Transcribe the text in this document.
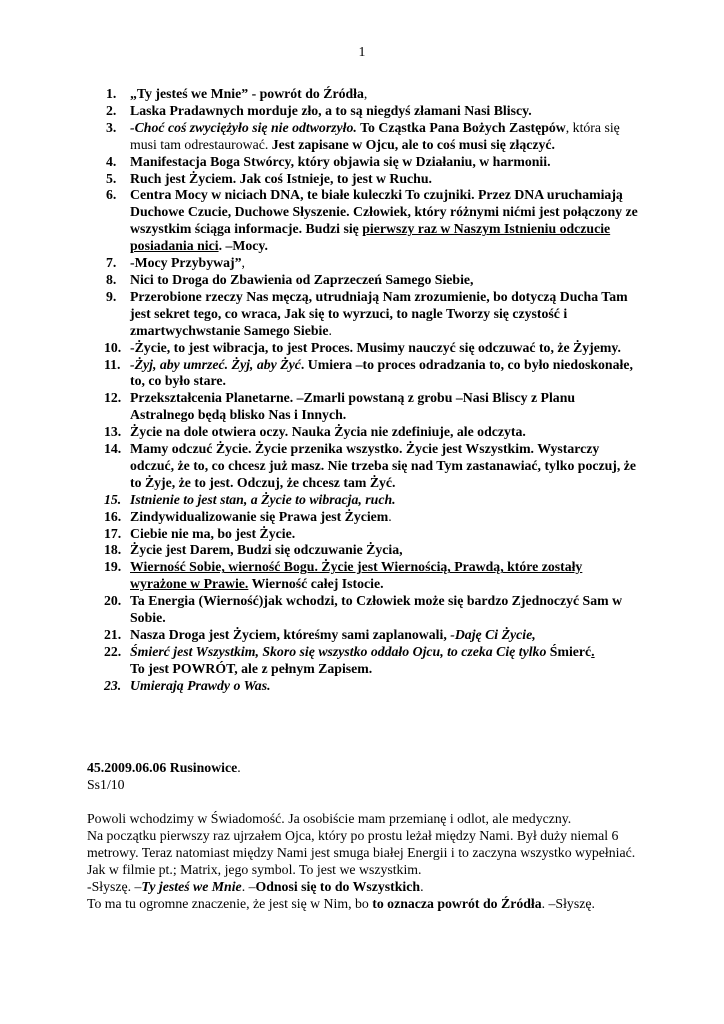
1
1. „Ty jesteś we Mnie” - powrót do Źródła,
2. Laska Pradawnych morduje zło, a to są niegdyś złamani Nasi Bliscy.
3. -Choć coś zwyciężyło się nie odtworzyło. To Cząstka Pana Bożych Zastępów, która się musi tam odrestaurować. Jest zapisane w Ojcu, ale to coś musi się złączyć.
4. Manifestacja Boga Stwórcy, który objawia się w Działaniu, w harmonii.
5. Ruch jest Życiem. Jak coś Istnieje, to jest w Ruchu.
6. Centra Mocy w niciach DNA, te białe kuleczki To czujniki. Przez DNA uruchamiają Duchowe Czucie, Duchowe Słyszenie. Człowiek, który różnymi nićmi jest połączony ze wszystkim ściąga informacje. Budzi się pierwszy raz w Naszym Istnieniu odczucie posiadania nici. –Mocy.
7. -Mocy Przybywaj”,
8. Nici to Droga do Zbawienia od Zaprzeczeń Samego Siebie,
9. Przerobione rzeczy Nas męczą, utrudniają Nam zrozumienie, bo dotyczą Ducha Tam jest sekret tego, co wraca, Jak się to wyrzuci, to nagle Tworzy się czystość i zmartwychwstanie Samego Siebie.
10. -Życie, to jest wibracja, to jest Proces. Musimy nauczyć się odczuwać to, że Żyjemy.
11. -Żyj, aby umrzeć. Żyj, aby Żyć. Umiera –to proces odradzania to, co było niedoskonałe, to, co było stare.
12. Przekształcenia Planetarne. –Zmarli powstaną z grobu –Nasi Bliscy z Planu Astralnego będą blisko Nas i Innych.
13. Życie na dole otwiera oczy. Nauka Życia nie zdefiniuje, ale odczyta.
14. Mamy odczuć Życie. Życie przenika wszystko. Życie jest Wszystkim. Wystarczy odczuć, że to, co chcesz już masz. Nie trzeba się nad Tym zastanawiać, tylko poczuj, że to Żyje, że to jest. Odczuj, że chcesz tam Żyć.
15. Istnienie to jest stan, a Życie to wibracja, ruch.
16. Zindywidualizowanie się Prawa jest Życiem.
17. Ciebie nie ma, bo jest Życie.
18. Życie jest Darem, Budzi się odczuwanie Życia,
19. Wierność Sobie, wierność Bogu. Życie jest Wiernością, Prawdą, które zostały wyrażone w Prawie. Wierność całej Istocie.
20. Ta Energia (Wierność)jak wchodzi, to Człowiek może się bardzo Zjednoczyć Sam w Sobie.
21. Nasza Droga jest Życiem, któreśmy sami zaplanowali, -Daję Ci Życie,
22. Śmierć jest Wszystkim, Skoro się wszystko oddało Ojcu, to czeka Cię tylko Śmierć.
To jest POWRÓT, ale z pełnym Zapisem.
23. Umierają Prawdy o Was.
45.2009.06.06 Rusinowice.
Ss1/10
Powoli wchodzimy w Świadomość. Ja osobiście mam przemianę i odlot, ale medyczny.
Na początku pierwszy raz ujrzałem Ojca, który po prostu leżał między Nami. Był duży niemal 6 metrowy. Teraz natomiast między Nami jest smuga białej Energii i to zaczyna wszystko wypełniać. Jak w filmie pt.; Matrix, jego symbol. To jest we wszystkim.
-Słyszę. –Ty jesteś we Mnie. –Odnosi się to do Wszystkich.
To ma tu ogromne znaczenie, że jest się w Nim, bo to oznacza powrót do Źródła. –Słyszę.
